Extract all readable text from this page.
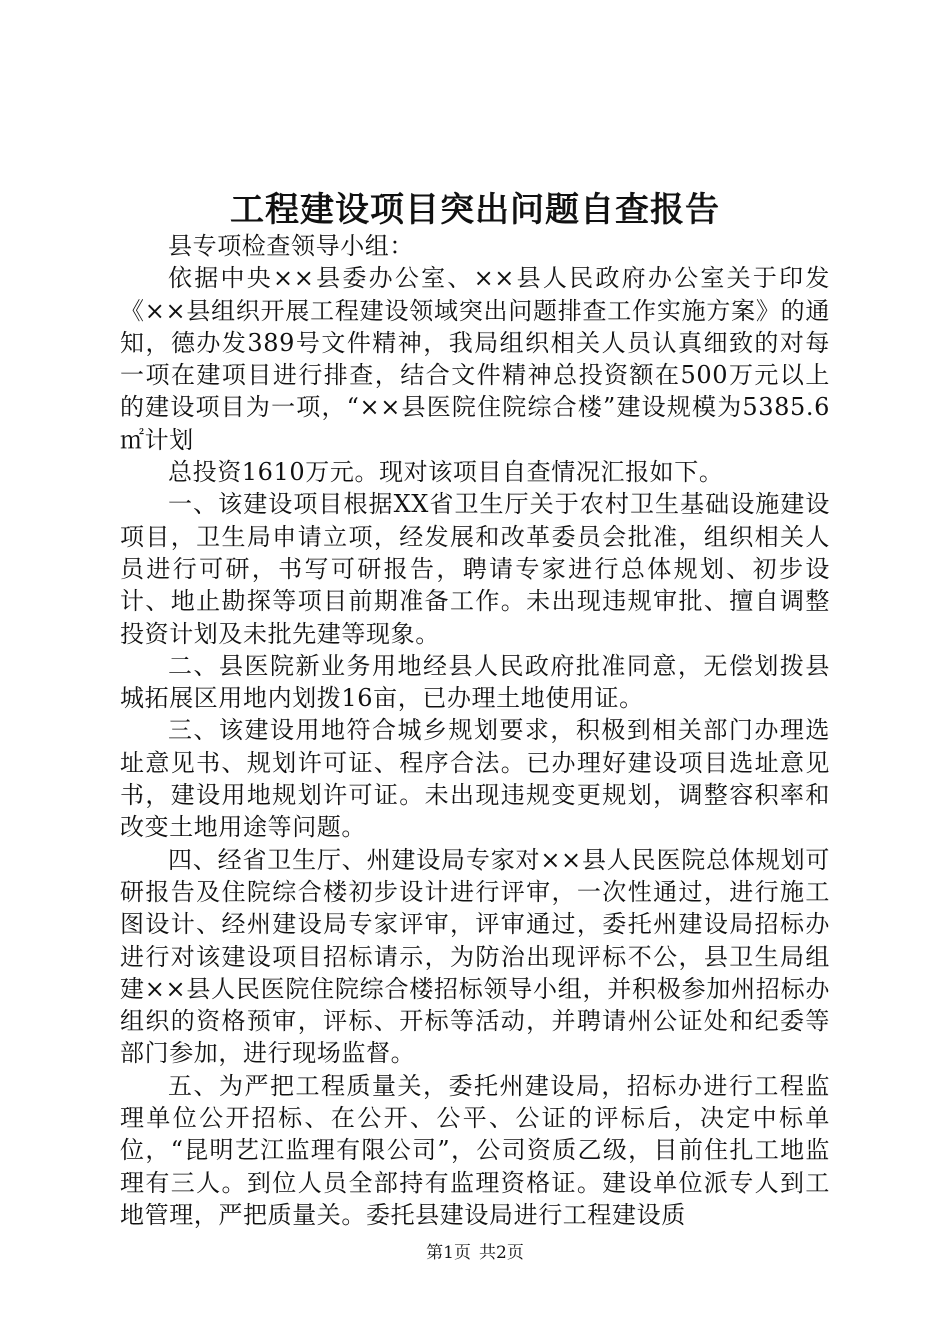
工程建设项目突出问题自查报告

县专项检查领导小组：

依据中央××县委办公室、××县人民政府办公室关于印发《××县组织开展工程建设领域突出问题排查工作实施方案》的通知，德办发389号文件精神，我局组织相关人员认真细致的对每一项在建项目进行排查，结合文件精神总投资额在500万元以上的建设项目为一项，“××县医院住院综合楼”建设规模为5385.6㎡计划

总投资1610万元。现对该项目自查情况汇报如下。

一、该建设项目根据XX省卫生厅关于农村卫生基础设施建设项目，卫生局申请立项，经发展和改革委员会批准，组织相关人员进行可研，书写可研报告，聘请专家进行总体规划、初步设计、地止勘探等项目前期准备工作。未出现违规审批、擅自调整投资计划及未批先建等现象。

二、县医院新业务用地经县人民政府批准同意，无偿划拨县城拓展区用地内划拨16亩，已办理土地使用证。

三、该建设用地符合城乡规划要求，积极到相关部门办理选址意见书、规划许可证、程序合法。已办理好建设项目选址意见书，建设用地规划许可证。未出现违规变更规划，调整容积率和改变土地用途等问题。

四、经省卫生厅、州建设局专家对××县人民医院总体规划可研报告及住院综合楼初步设计进行评审，一次性通过，进行施工图设计、经州建设局专家评审，评审通过，委托州建设局招标办进行对该建设项目招标请示，为防治出现评标不公，县卫生局组建××县人民医院住院综合楼招标领导小组，并积极参加州招标办组织的资格预审，评标、开标等活动，并聘请州公证处和纪委等部门参加，进行现场监督。

五、为严把工程质量关，委托州建设局，招标办进行工程监理单位公开招标、在公开、公平、公证的评标后，决定中标单位，“昆明艺江监理有限公司”，公司资质乙级，目前住扎工地监理有三人。到位人员全部持有监理资格证。建设单位派专人到工地管理，严把质量关。委托县建设局进行工程建设质

第1页 共2页
